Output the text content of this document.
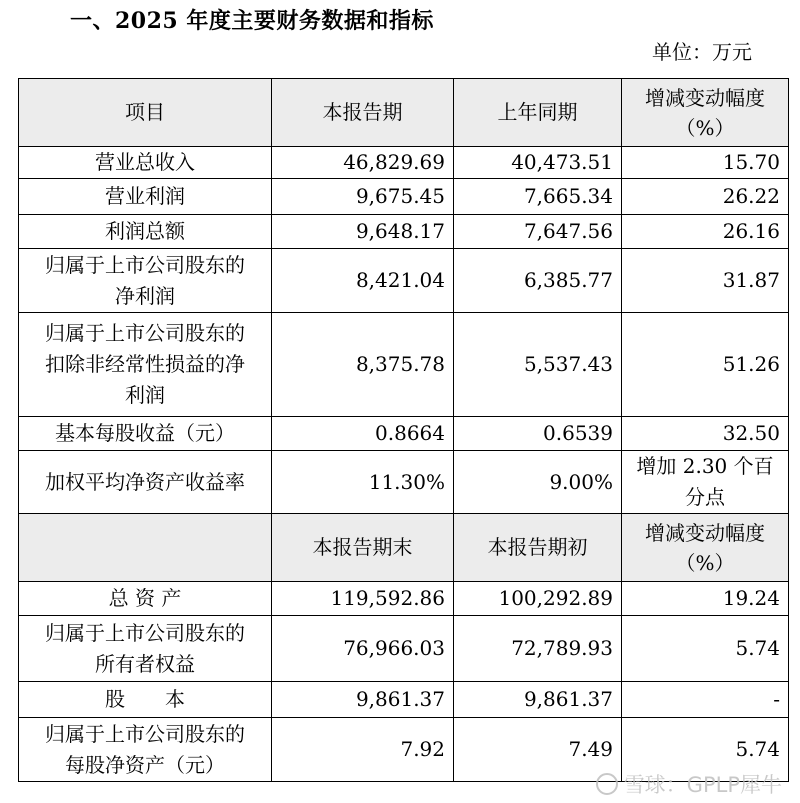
一、2025 年度主要财务数据和指标
单位：万元
项目	本报告期	上年同期	增减变动幅度
（%）

营业总收入	46,829.69	40,473.51	15.70
营业利润	9,675.45	7,665.34	26.22
利润总额	9,648.17	7,647.56	26.16

归属于上市公司股东的
净利润	8,421.04	6,385.77	31.87

归属于上市公司股东的
扣除非经常性损益的净
利润	8,375.78	5,537.43	51.26
基本每股收益（元）	0.8664	0.6539	32.50
加权平均净资产收益率	11.30%	9.00%	增加 2.30 个百
分点

	本报告期末	本报告期初	增减变动幅度
（%）

总 资 产	119,592.86	100,292.89	19.24

归属于上市公司股东的
所有者权益	76,966.03	72,789.93	5.74
股　　本	9,861.37	9,861.37	-

归属于上市公司股东的
每股净资产（元）	7.92	7.49	5.74
雪球：GPLP犀牛
